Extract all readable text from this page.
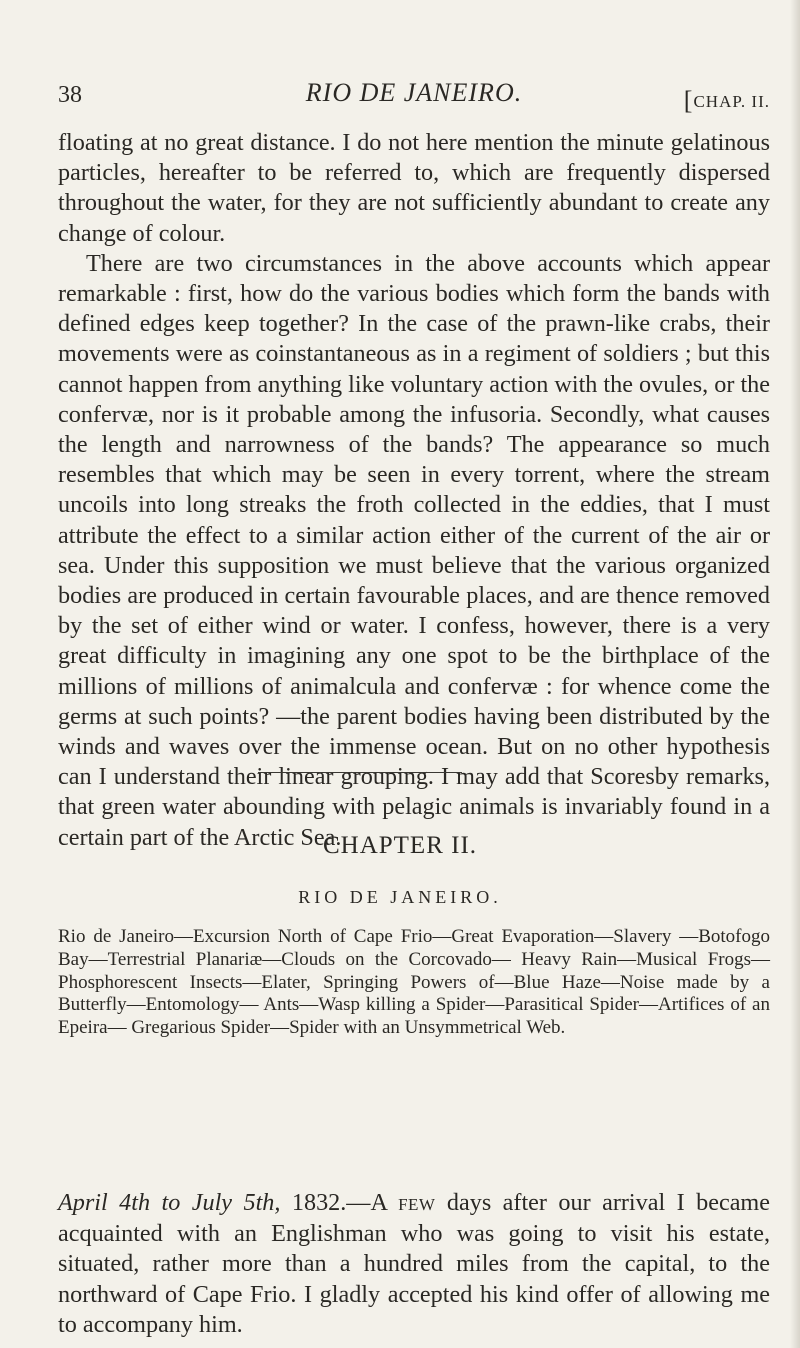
38	RIO DE JANEIRO.	[CHAP. II.

floating at no great distance. I do not here mention the minute gelatinous particles, hereafter to be referred to, which are frequently dispersed throughout the water, for they are not sufficiently abundant to create any change of colour.

There are two circumstances in the above accounts which appear remarkable : first, how do the various bodies which form the bands with defined edges keep together? In the case of the prawn-like crabs, their movements were as coinstantaneous as in a regiment of soldiers ; but this cannot happen from anything like voluntary action with the ovules, or the confervæ, nor is it probable among the infusoria. Secondly, what causes the length and narrowness of the bands? The appearance so much resembles that which may be seen in every torrent, where the stream uncoils into long streaks the froth collected in the eddies, that I must attribute the effect to a similar action either of the current of the air or sea. Under this supposition we must believe that the various organized bodies are produced in certain favourable places, and are thence removed by the set of either wind or water. I confess, however, there is a very great difficulty in imagining any one spot to be the birthplace of the millions of millions of animalcula and confervæ : for whence come the germs at such points? —the parent bodies having been distributed by the winds and waves over the immense ocean. But on no other hypothesis can I understand their linear grouping. I may add that Scoresby remarks, that green water abounding with pelagic animals is invariably found in a certain part of the Arctic Sea.

CHAPTER II.
RIO DE JANEIRO.
Rio de Janeiro—Excursion North of Cape Frio—Great Evaporation—Slavery —Botofogo Bay—Terrestrial Planariæ—Clouds on the Corcovado— Heavy Rain—Musical Frogs—Phosphorescent Insects—Elater, Springing Powers of—Blue Haze—Noise made by a Butterfly—Entomology— Ants—Wasp killing a Spider—Parasitical Spider—Artifices of an Epeira— Gregarious Spider—Spider with an Unsymmetrical Web.
April 4th to July 5th, 1832.—A few days after our arrival I became acquainted with an Englishman who was going to visit his estate, situated, rather more than a hundred miles from the capital, to the northward of Cape Frio. I gladly accepted his kind offer of allowing me to accompany him.
